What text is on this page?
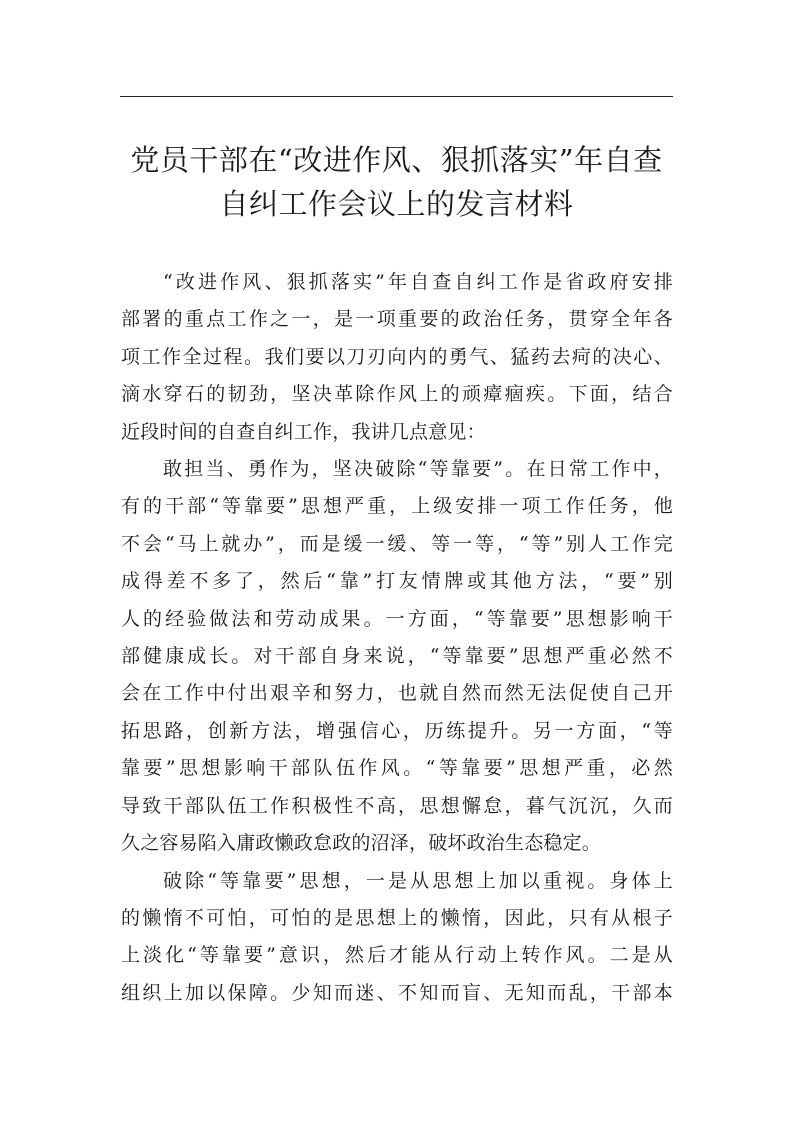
党员干部在“改进作风、狠抓落实”年自查
自纠工作会议上的发言材料
“改进作风、狠抓落实”年自查自纠工作是省政府安排
部署的重点工作之一，是一项重要的政治任务，贯穿全年各
项工作全过程。我们要以刀刃向内的勇气、猛药去疴的决心、
滴水穿石的韧劲，坚决革除作风上的顽瘴痼疾。下面，结合
近段时间的自查自纠工作，我讲几点意见：
敢担当、勇作为，坚决破除“等靠要”。在日常工作中，
有的干部“等靠要”思想严重，上级安排一项工作任务，他
不会“马上就办”，而是缓一缓、等一等，“等”别人工作完
成得差不多了，然后“靠”打友情牌或其他方法，“要”别
人的经验做法和劳动成果。一方面，“等靠要”思想影响干
部健康成长。对干部自身来说，“等靠要”思想严重必然不
会在工作中付出艰辛和努力，也就自然而然无法促使自己开
拓思路，创新方法，增强信心，历练提升。另一方面，“等
靠要”思想影响干部队伍作风。“等靠要”思想严重，必然
导致干部队伍工作积极性不高，思想懈怠，暮气沉沉，久而
久之容易陷入庸政懒政怠政的沼泽，破坏政治生态稳定。
破除“等靠要”思想，一是从思想上加以重视。身体上
的懒惰不可怕，可怕的是思想上的懒惰，因此，只有从根子
上淡化“等靠要”意识，然后才能从行动上转作风。二是从
组织上加以保障。少知而迷、不知而盲、无知而乱，干部本
